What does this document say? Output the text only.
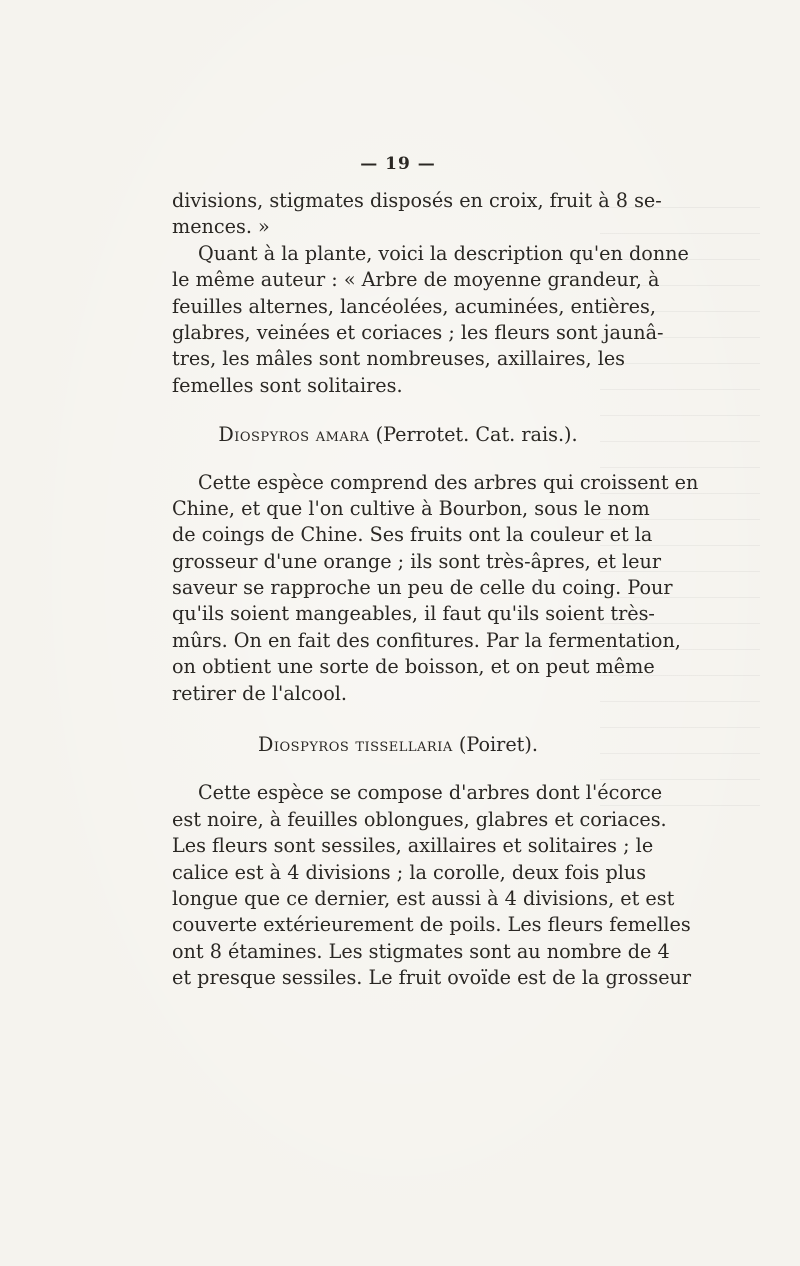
— 19 —
divisions, stigmates disposés en croix, fruit à 8 se-
mences. »
Quant à la plante, voici la description qu'en donne
le même auteur : « Arbre de moyenne grandeur, à
feuilles alternes, lancéolées, acuminées, entières,
glabres, veinées et coriaces ; les fleurs sont jaunâ-
tres, les mâles sont nombreuses, axillaires, les
femelles sont solitaires.
Diospyros amara (Perrotet. Cat. rais.).
Cette espèce comprend des arbres qui croissent en
Chine, et que l'on cultive à Bourbon, sous le nom
de coings de Chine. Ses fruits ont la couleur et la
grosseur d'une orange ; ils sont très-âpres, et leur
saveur se rapproche un peu de celle du coing. Pour
qu'ils soient mangeables, il faut qu'ils soient très-
mûrs. On en fait des confitures. Par la fermentation,
on obtient une sorte de boisson, et on peut même
retirer de l'alcool.
Diospyros tissellaria (Poiret).
Cette espèce se compose d'arbres dont l'écorce
est noire, à feuilles oblongues, glabres et coriaces.
Les fleurs sont sessiles, axillaires et solitaires ; le
calice est à 4 divisions ; la corolle, deux fois plus
longue que ce dernier, est aussi à 4 divisions, et est
couverte extérieurement de poils. Les fleurs femelles
ont 8 étamines. Les stigmates sont au nombre de 4
et presque sessiles. Le fruit ovoïde est de la grosseur
